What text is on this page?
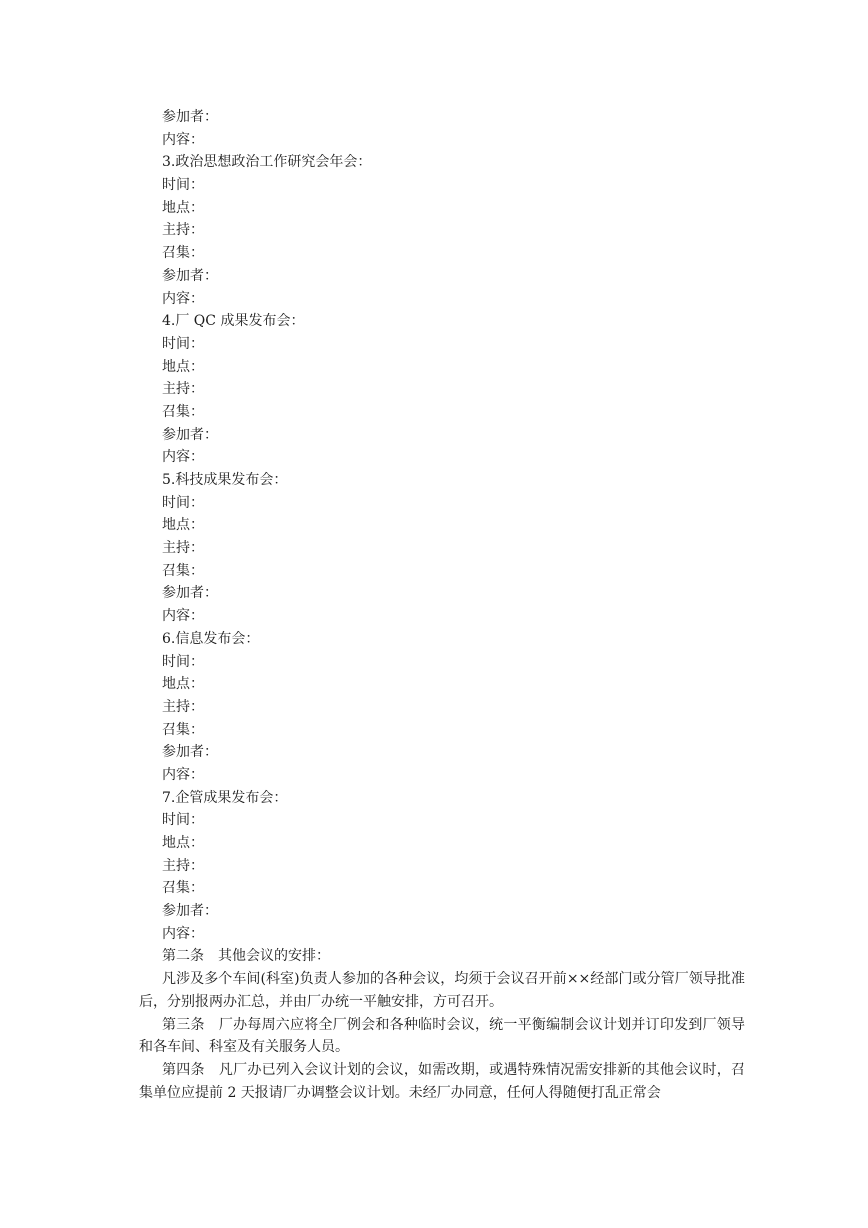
参加者：
内容：
3.政治思想政治工作研究会年会：
时间：
地点：
主持：
召集：
参加者：
内容：
4.厂 QC 成果发布会：
时间：
地点：
主持：
召集：
参加者：
内容：
5.科技成果发布会：
时间：
地点：
主持：
召集：
参加者：
内容：
6.信息发布会：
时间：
地点：
主持：
召集：
参加者：
内容：
7.企管成果发布会：
时间：
地点：
主持：
召集：
参加者：
内容：
第二条 其他会议的安排：
凡涉及多个车间(科室)负责人参加的各种会议，均须于会议召开前××经部门或分管厂领导批准后，分别报两办汇总，并由厂办统一平触安排，方可召开。
第三条 厂办每周六应将全厂例会和各种临时会议，统一平衡编制会议计划并订印发到厂领导和各车间、科室及有关服务人员。
第四条 凡厂办已列入会议计划的会议，如需改期，或遇特殊情况需安排新的其他会议时，召集单位应提前 2 天报请厂办调整会议计划。未经厂办同意，任何人得随便打乱正常会
